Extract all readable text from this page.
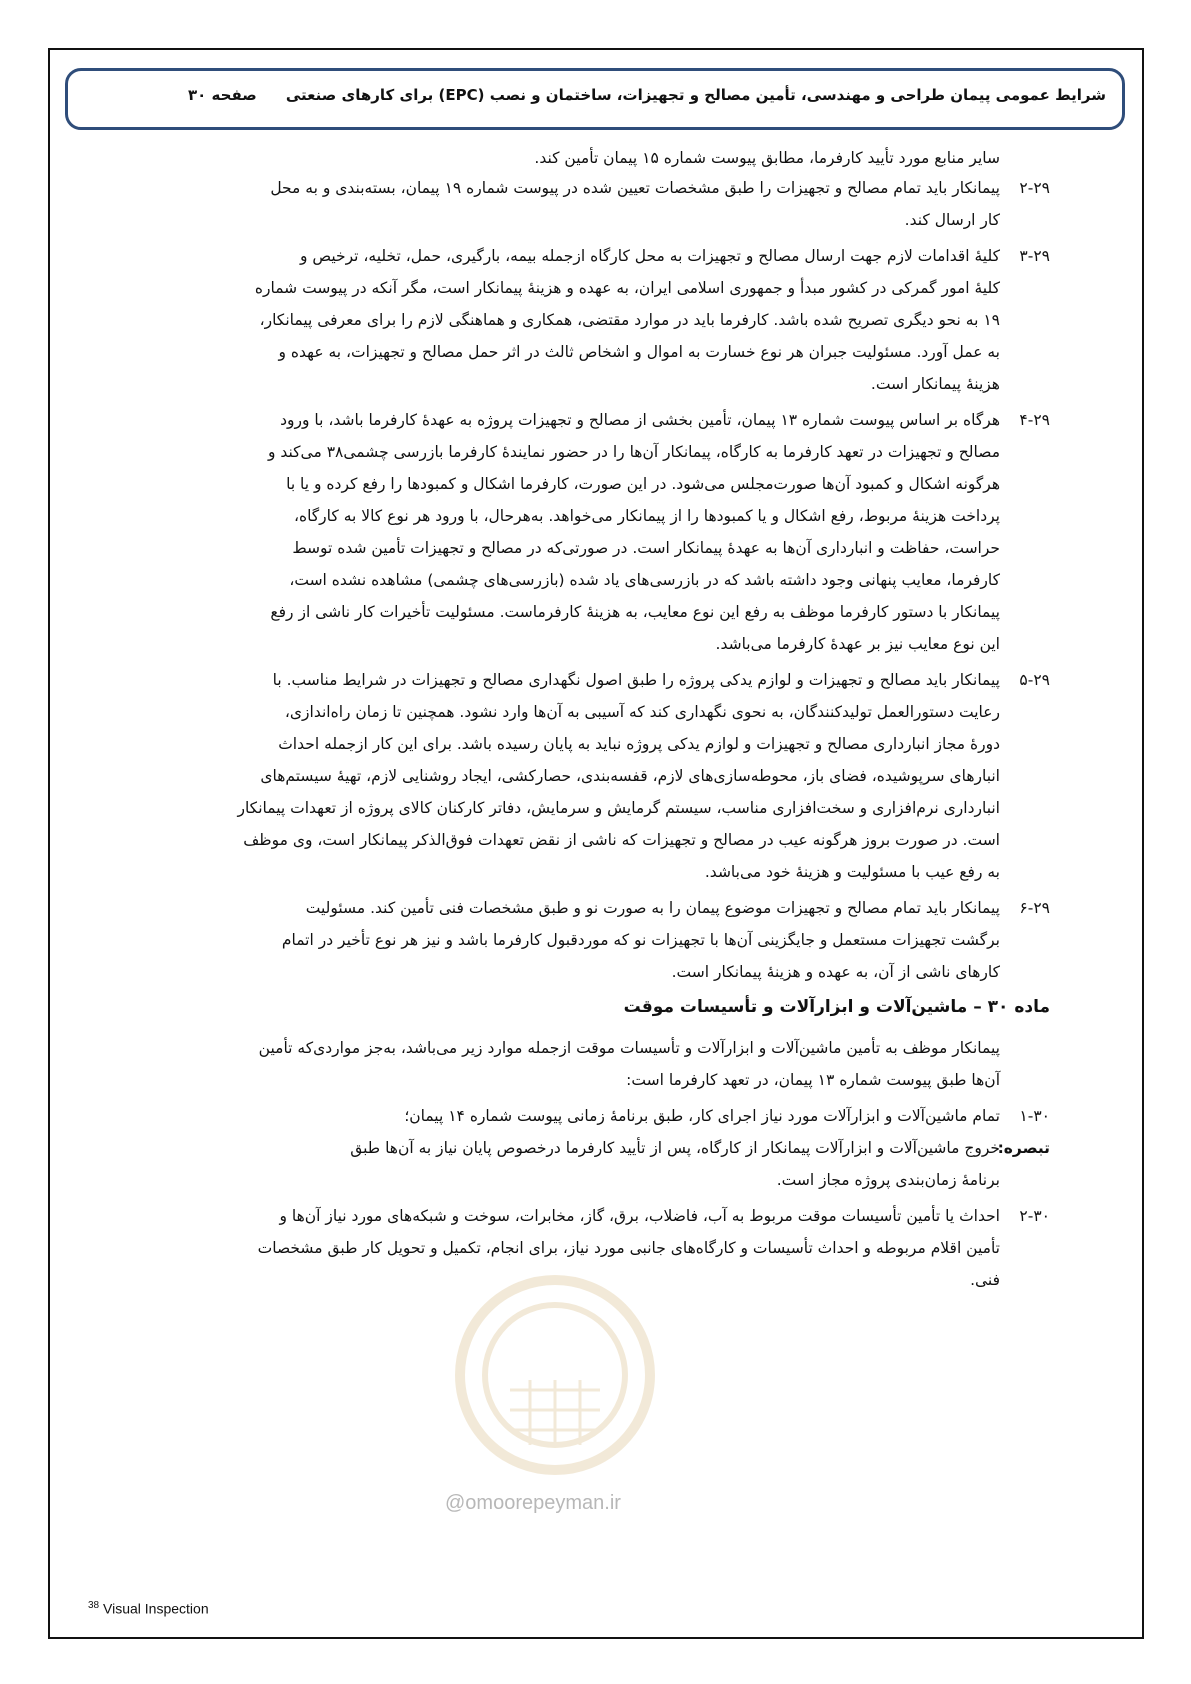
شرایط عمومی پیمان طراحی و مهندسی، تأمین مصالح و تجهیزات، ساختمان و نصب (EPC) برای کارهای صنعتی
صفحه ۳۰
@omoorepeyman.ir
سایر منابع مورد تأیید کارفرما، مطابق پیوست شماره ۱۵ پیمان تأمین کند.
۲-۲۹
پیمانکار باید تمام مصالح و تجهیزات را طبق مشخصات تعیین شده در پیوست شماره ۱۹ پیمان، بسته‌بندی و به محل
کار ارسال کند.
۳-۲۹
کلیهٔ اقدامات لازم جهت ارسال مصالح و تجهیزات به محل کارگاه ازجمله بیمه، بارگیری، حمل، تخلیه، ترخیص و
کلیهٔ امور گمرکی در کشور مبدأ و جمهوری اسلامی ایران، به عهده و هزینهٔ پیمانکار است، مگر آنکه در پیوست شماره
۱۹ به نحو دیگری تصریح شده باشد. کارفرما باید در موارد مقتضی، همکاری و هماهنگی لازم را برای معرفی پیمانکار،
به عمل آورد. مسئولیت جبران هر نوع خسارت به اموال و اشخاص ثالث در اثر حمل مصالح و تجهیزات، به عهده و
هزینهٔ پیمانکار است.
۴-۲۹
هرگاه بر اساس پیوست شماره ۱۳ پیمان، تأمین بخشی از مصالح و تجهیزات پروژه به عهدهٔ کارفرما باشد، با ورود
مصالح و تجهیزات در تعهد کارفرما به کارگاه، پیمانکار آن‌ها را در حضور نمایندهٔ کارفرما بازرسی چشمی۳۸ می‌کند و
هرگونه اشکال و کمبود آن‌ها صورت‌مجلس می‌شود. در این صورت، کارفرما اشکال و کمبودها را رفع کرده و یا با
پرداخت هزینهٔ مربوط، رفع اشکال و یا کمبودها را از پیمانکار می‌خواهد. به‌هرحال، با ورود هر نوع کالا به کارگاه،
حراست، حفاظت و انبارداری آن‌ها به عهدهٔ پیمانکار است. در صورتی‌که در مصالح و تجهیزات تأمین شده توسط
کارفرما، معایب پنهانی وجود داشته باشد که در بازرسی‌های یاد شده (بازرسی‌های چشمی) مشاهده نشده است،
پیمانکار با دستور کارفرما موظف به رفع این نوع معایب، به هزینهٔ کارفرماست. مسئولیت تأخیرات کار ناشی از رفع
این نوع معایب نیز بر عهدهٔ کارفرما می‌باشد.
۵-۲۹
پیمانکار باید مصالح و تجهیزات و لوازم یدکی پروژه را طبق اصول نگهداری مصالح و تجهیزات در شرایط مناسب. با
رعایت دستورالعمل تولیدکنندگان، به نحوی نگهداری کند که آسیبی به آن‌ها وارد نشود. همچنین تا زمان راه‌اندازی،
دورهٔ مجاز انبارداری مصالح و تجهیزات و لوازم یدکی پروژه نباید به پایان رسیده باشد. برای این کار ازجمله احداث
انبارهای سرپوشیده، فضای باز، محوطه‌سازی‌های لازم، قفسه‌بندی، حصارکشی، ایجاد روشنایی لازم، تهیهٔ سیستم‌های
انبارداری نرم‌افزاری و سخت‌افزاری مناسب، سیستم گرمایش و سرمایش، دفاتر کارکنان کالای پروژه از تعهدات پیمانکار
است. در صورت بروز هرگونه عیب در مصالح و تجهیزات که ناشی از نقض تعهدات فوق‌الذکر پیمانکار است، وی موظف
به رفع عیب با مسئولیت و هزینهٔ خود می‌باشد.
۶-۲۹
پیمانکار باید تمام مصالح و تجهیزات موضوع پیمان را به صورت نو و طبق مشخصات فنی تأمین کند. مسئولیت
برگشت تجهیزات مستعمل و جایگزینی آن‌ها با تجهیزات نو که موردقبول کارفرما باشد و نیز هر نوع تأخیر در اتمام
کارهای ناشی از آن، به عهده و هزینهٔ پیمانکار است.
ماده ۳۰ – ماشین‌آلات و ابزارآلات و تأسیسات موقت
پیمانکار موظف به تأمین ماشین‌آلات و ابزارآلات و تأسیسات موقت ازجمله موارد زیر می‌باشد، به‌جز مواردی‌که تأمین
آن‌ها طبق پیوست شماره ۱۳ پیمان، در تعهد کارفرما است:
۱-۳۰
تمام ماشین‌آلات و ابزارآلات مورد نیاز اجرای کار، طبق برنامهٔ زمانی پیوست شماره ۱۴ پیمان؛
تبصره:
خروج ماشین‌آلات و ابزارآلات پیمانکار از کارگاه، پس از تأیید کارفرما درخصوص پایان نیاز به آن‌ها طبق
برنامهٔ زمان‌بندی پروژه مجاز است.
۲-۳۰
احداث یا تأمین تأسیسات موقت مربوط به آب، فاضلاب، برق، گاز، مخابرات، سوخت و شبکه‌های مورد نیاز آن‌ها و
تأمین اقلام مربوطه و احداث تأسیسات و کارگاه‌های جانبی مورد نیاز، برای انجام، تکمیل و تحویل کار طبق مشخصات
فنی.
$^{38}$ Visual Inspection
